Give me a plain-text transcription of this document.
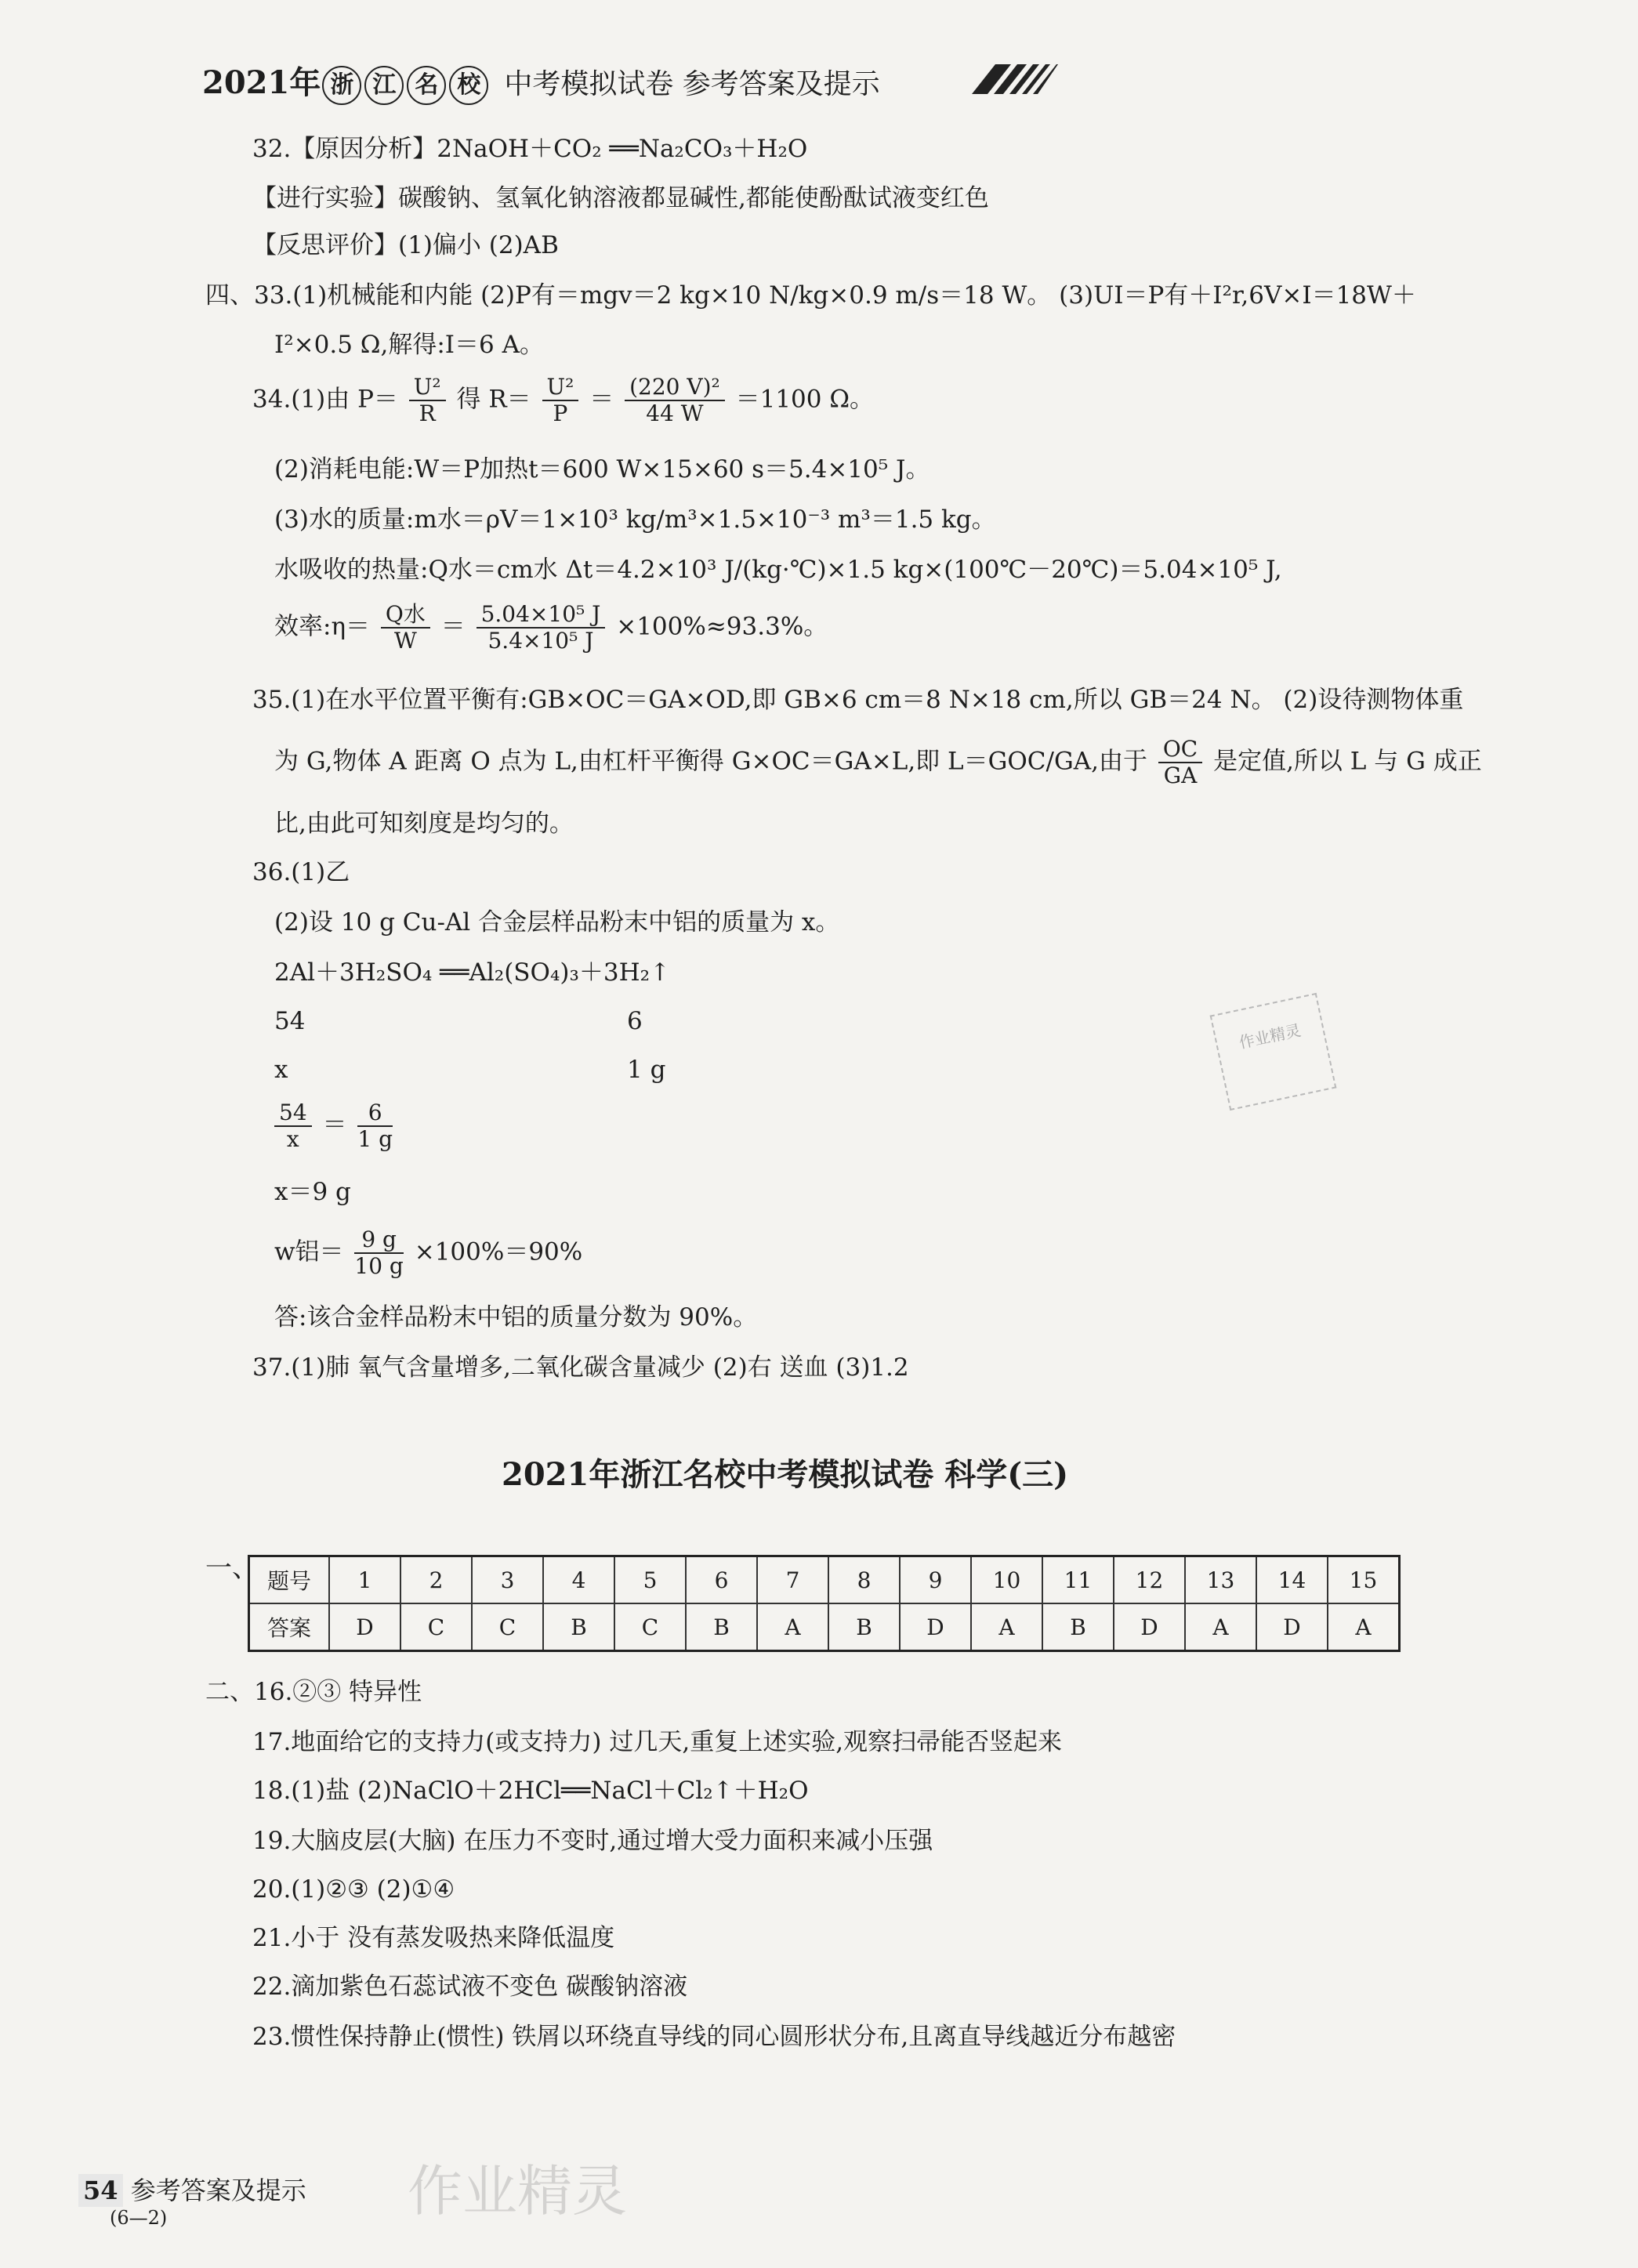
2021年 浙 江 名 校 中考模拟试卷 参考答案及提示
32.【原因分析】2NaOH＋CO₂ ══Na₂CO₃＋H₂O
【进行实验】碳酸钠、氢氧化钠溶液都显碱性,都能使酚酞试液变红色
【反思评价】(1)偏小 (2)AB
四、33.(1)机械能和内能 (2)P有＝mgv＝2 kg×10 N/kg×0.9 m/s＝18 W。 (3)UI＝P有＋I²r,6V×I＝18W＋
I²×0.5 Ω,解得:I＝6 A。
34.(1)由 $P= \frac{\text{U²}}{R}$ 得 $R= \frac{\text{U²}}{P} = \frac{\text{(220 V)²}}{44 W} =1100$ Ω。
(2)消耗电能:W＝P加热t＝600 W×15×60 s＝5.4×10⁵ J。
(3)水的质量:m水＝ρV＝1×10³ kg/m³×1.5×10⁻³ m³＝1.5 kg。
水吸收的热量:Q水＝cm水 Δt＝4.2×10³ J/(kg·℃)×1.5 kg×(100℃－20℃)＝5.04×10⁵ J,
效率:η＝ $\frac{\text{Q水}}{W} = \frac{\text{5.04×10⁵ J}}{\text{5.4×10⁵ J}} \times 100\%\approx 93.3\%$。
35.(1)在水平位置平衡有:GB×OC＝GA×OD,即 GB×6 cm＝8 N×18 cm,所以 GB＝24 N。 (2)设待测物体重
为 G,物体 A 距离 O 点为 L,由杠杆平衡得 G×OC＝GA×L,即 L＝GOC/GA,由于 $\frac{OC}{GA}$ 是定值,所以 L 与 G 成正
比,由此可知刻度是均匀的。
36.(1)乙
(2)设 10 g Cu-Al 合金层样品粉末中铝的质量为 x。
2Al＋3H₂SO₄ ══Al₂(SO₄)₃＋3H₂↑
54	6
x	1 g
$\frac{54}{x} = \frac{6}{1 g}$
x＝9 g
w铝＝ $\frac{9 g}{10 g} \times 100\%=90\%$
答:该合金样品粉末中铝的质量分数为 90%。
37.(1)肺 氧气含量增多,二氧化碳含量减少 (2)右 送血 (3)1.2
2021年浙江名校中考模拟试卷 科学(三)
一、 题号	1	2	3	4	5	6	7	8	9	10	11	12	13	14	15
答案	D	C	C	B	C	B	A	B	D	A	B	D	A	D	A
二、16.②③ 特异性
17.地面给它的支持力(或支持力) 过几天,重复上述实验,观察扫帚能否竖起来
18.(1)盐 (2)NaClO＋2HCl══NaCl＋Cl₂↑＋H₂O
19.大脑皮层(大脑) 在压力不变时,通过增大受力面积来减小压强
20.(1)②③ (2)①④
21.小于 没有蒸发吸热来降低温度
22.滴加紫色石蕊试液不变色 碳酸钠溶液
23.惯性保持静止(惯性) 铁屑以环绕直导线的同心圆形状分布,且离直导线越近分布越密
作业精灵
作业精灵
54 参考答案及提示
(6—2)
